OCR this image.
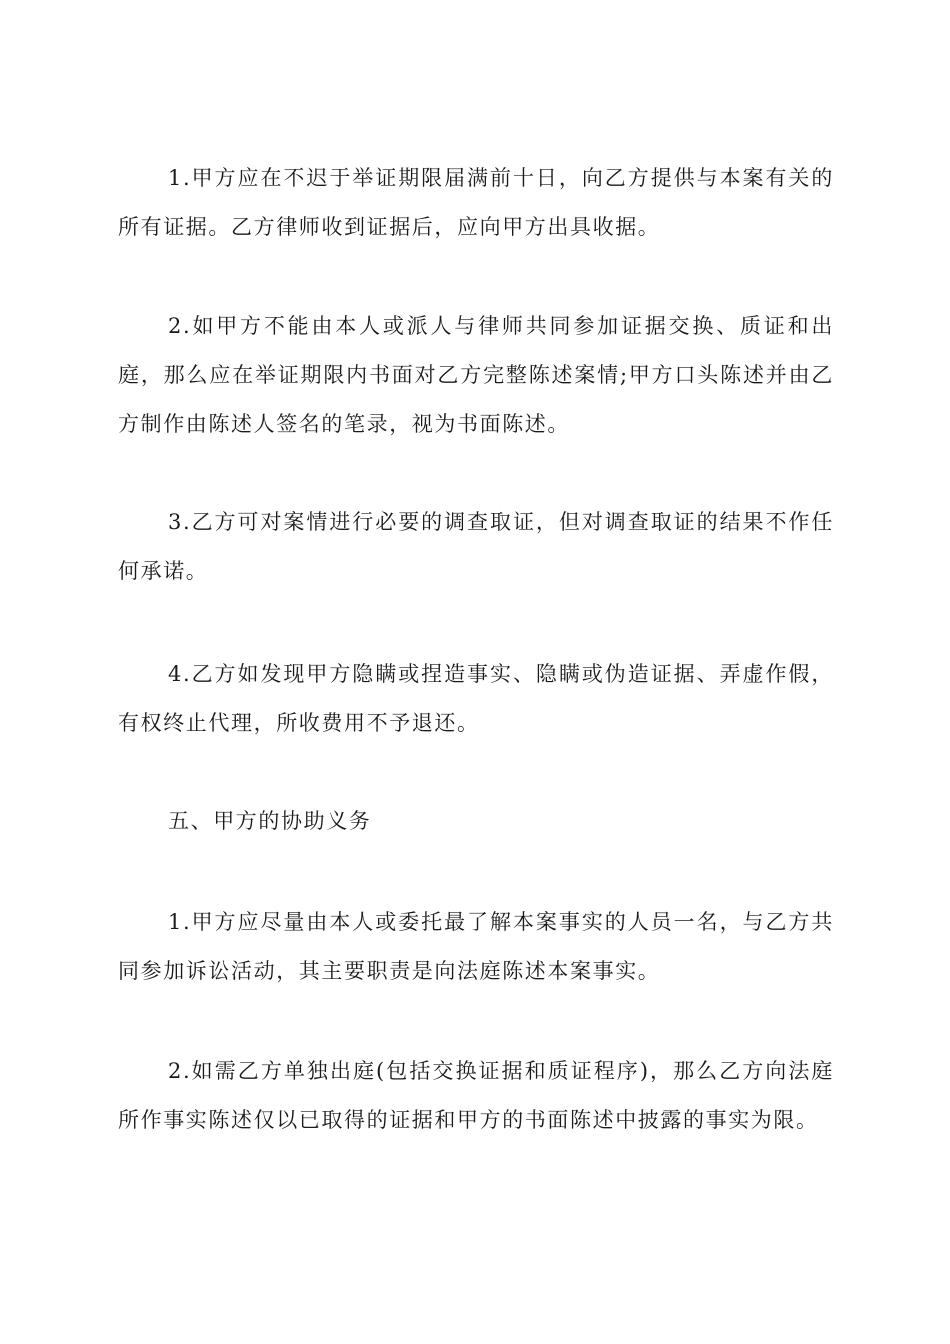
1.甲方应在不迟于举证期限届满前十日，向乙方提供与本案有关的所有证据。乙方律师收到证据后，应向甲方出具收据。

2.如甲方不能由本人或派人与律师共同参加证据交换、质证和出庭，那么应在举证期限内书面对乙方完整陈述案情;甲方口头陈述并由乙方制作由陈述人签名的笔录，视为书面陈述。

3.乙方可对案情进行必要的调查取证，但对调查取证的结果不作任何承诺。

4.乙方如发现甲方隐瞒或捏造事实、隐瞒或伪造证据、弄虚作假，有权终止代理，所收费用不予退还。

五、甲方的协助义务

1.甲方应尽量由本人或委托最了解本案事实的人员一名，与乙方共同参加诉讼活动，其主要职责是向法庭陈述本案事实。

2.如需乙方单独出庭(包括交换证据和质证程序)，那么乙方向法庭所作事实陈述仅以已取得的证据和甲方的书面陈述中披露的事实为限。
